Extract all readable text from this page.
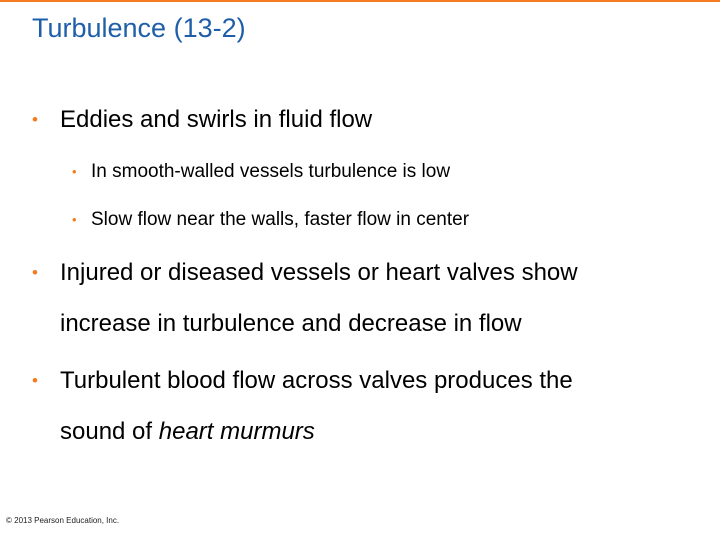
Turbulence (13-2)
• Eddies and swirls in fluid flow
• In smooth-walled vessels turbulence is low
• Slow flow near the walls, faster flow in center
• Injured or diseased vessels or heart valves show
increase in turbulence and decrease in flow
• Turbulent blood flow across valves produces the
sound of heart murmurs
© 2013 Pearson Education, Inc.
